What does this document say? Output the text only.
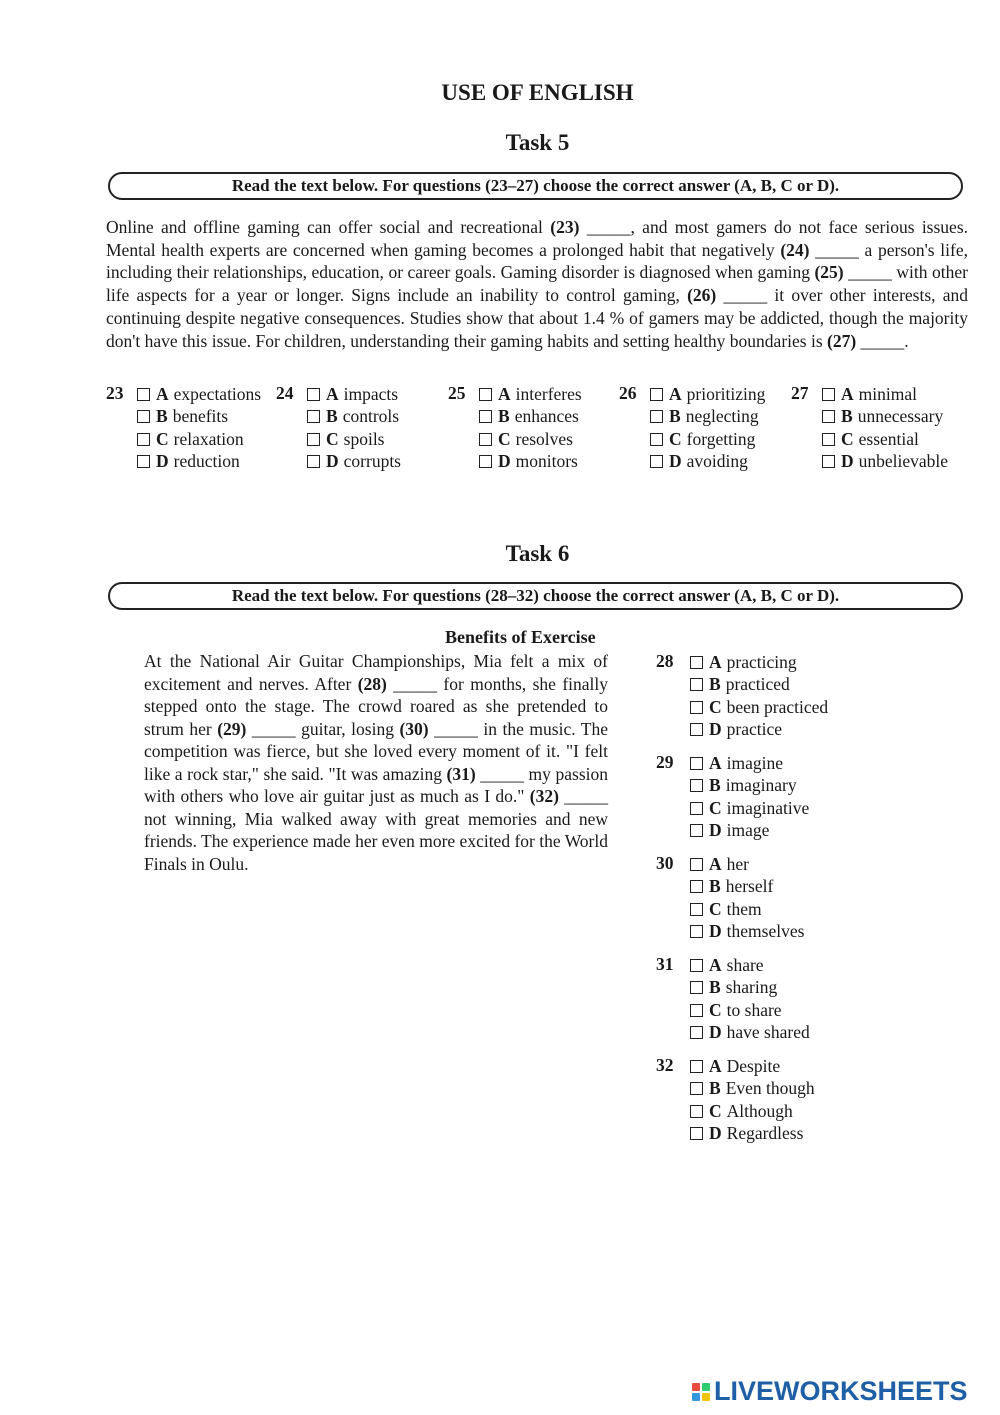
USE OF ENGLISH
Task 5
Read the text below. For questions (23–27) choose the correct answer (A, B, C or D).
Online and offline gaming can offer social and recreational (23) _____, and most gamers do not face serious issues. Mental health experts are concerned when gaming becomes a prolonged habit that negatively (24) _____ a person's life, including their relationships, education, or career goals. Gaming disorder is diagnosed when gaming (25) _____ with other life aspects for a year or longer. Signs include an inability to control gaming, (26) _____ it over other interests, and continuing despite negative consequences. Studies show that about 1.4 % of gamers may be addicted, though the majority don't have this issue. For children, understanding their gaming habits and setting healthy boundaries is (27) _____.
23 A expectations
B benefits
C relaxation
D reduction
24 A impacts
B controls
C spoils
D corrupts
25 A interferes
B enhances
C resolves
D monitors
26 A prioritizing
B neglecting
C forgetting
D avoiding
27 A minimal
B unnecessary
C essential
D unbelievable
Task 6
Read the text below. For questions (28–32) choose the correct answer (A, B, C or D).
Benefits of Exercise
At the National Air Guitar Championships, Mia felt a mix of excitement and nerves. After (28) _____ for months, she finally stepped onto the stage. The crowd roared as she pretended to strum her (29) _____ guitar, losing (30) _____ in the music. The competition was fierce, but she loved every moment of it. "I felt like a rock star," she said. "It was amazing (31) _____ my passion with others who love air guitar just as much as I do." (32) _____ not winning, Mia walked away with great memories and new friends. The experience made her even more excited for the World Finals in Oulu.
28 A practicing
B practiced
C been practiced
D practice
29 A imagine
B imaginary
C imaginative
D image
30 A her
B herself
C them
D themselves
31 A share
B sharing
C to share
D have shared
32 A Despite
B Even though
C Although
D Regardless
LIVEWORKSHEETS
